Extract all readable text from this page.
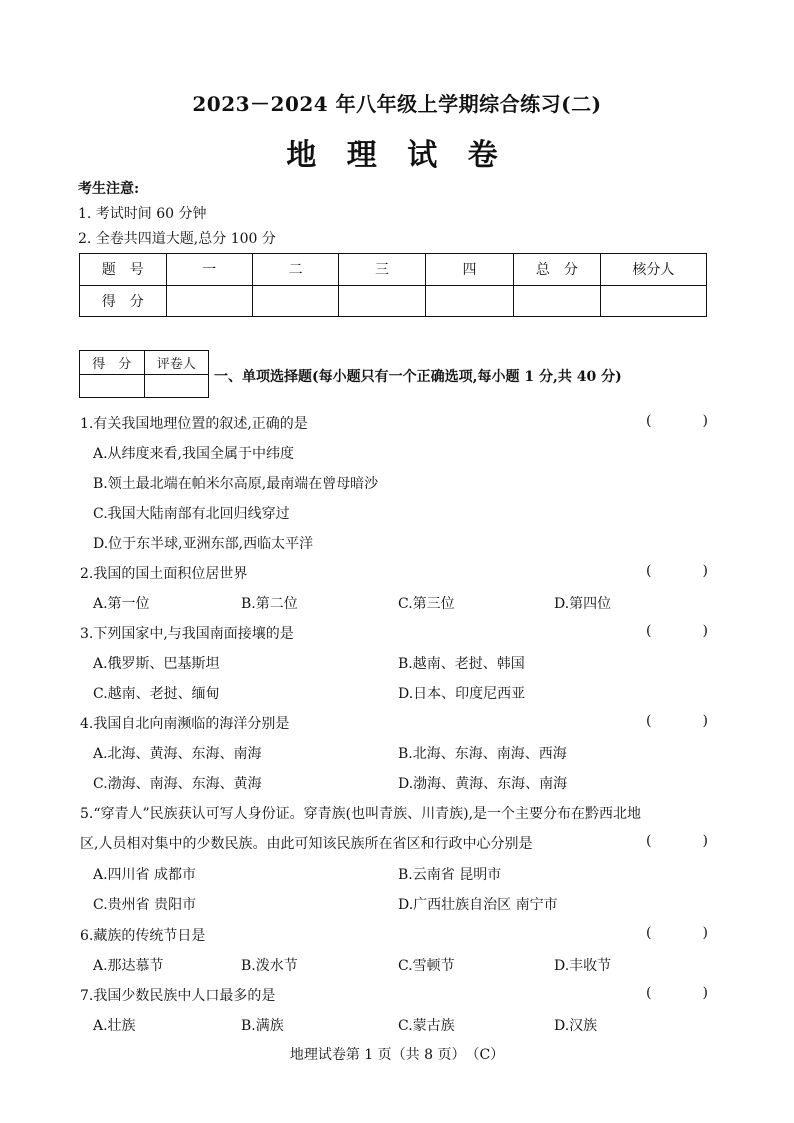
2023－2024 年八年级上学期综合练习(二)
地 理 试 卷
考生注意:
1. 考试时间 60 分钟
2. 全卷共四道大题,总分 100 分
题　号	一	二	三	四	总　分	核分人
得　分						
得　分	评卷人

一、单项选择题(每小题只有一个正确选项,每小题 1 分,共 40 分)
1.有关我国地理位置的叙述,正确的是	(	)
A.从纬度来看,我国全属于中纬度
B.领土最北端在帕米尔高原,最南端在曾母暗沙
C.我国大陆南部有北回归线穿过
D.位于东半球,亚洲东部,西临太平洋
2.我国的国土面积位居世界	(	)
A.第一位	B.第二位	C.第三位	D.第四位
3.下列国家中,与我国南面接壤的是	(	)
A.俄罗斯、巴基斯坦	B.越南、老挝、韩国
C.越南、老挝、缅甸	D.日本、印度尼西亚
4.我国自北向南濒临的海洋分别是	(	)
A.北海、黄海、东海、南海	B.北海、东海、南海、西海
C.渤海、南海、东海、黄海	D.渤海、黄海、东海、南海
5.“穿青人”民族获认可写人身份证。穿青族(也叫青族、川青族),是一个主要分布在黔西北地
区,人员相对集中的少数民族。由此可知该民族所在省区和行政中心分别是	(	)
A.四川省 成都市	B.云南省 昆明市
C.贵州省 贵阳市	D.广西壮族自治区 南宁市
6.藏族的传统节日是	(	)
A.那达慕节	B.泼水节	C.雪顿节	D.丰收节
7.我国少数民族中人口最多的是	(	)
A.壮族	B.满族	C.蒙古族	D.汉族
地理试卷第 1 页（共 8 页）　（C）
